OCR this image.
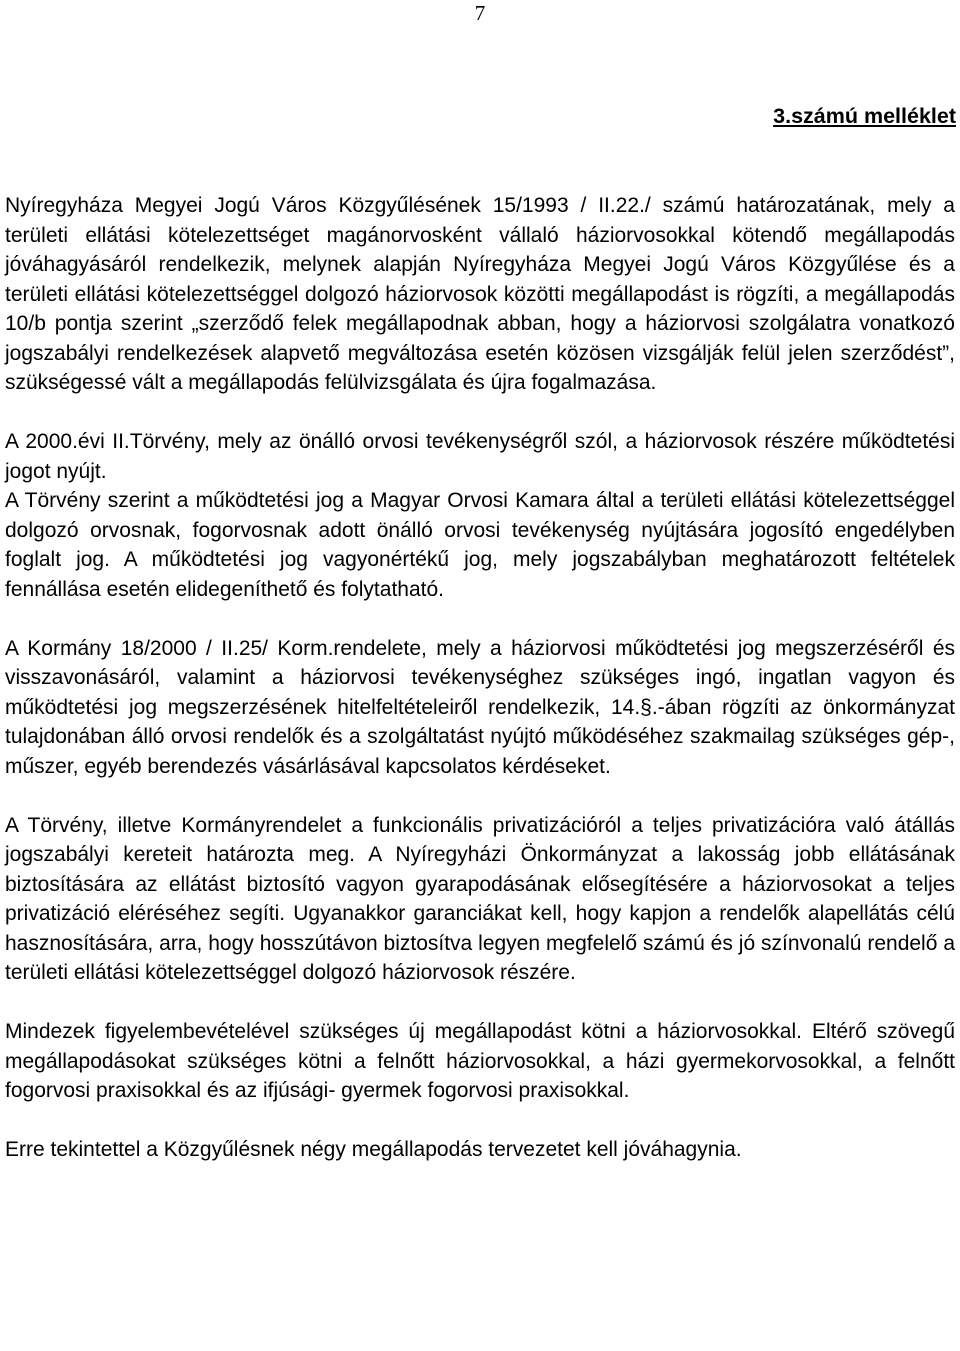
7
3.számú melléklet

Nyíregyháza Megyei Jogú Város Közgyűlésének 15/1993 / II.22./ számú határozatának, mely a területi ellátási kötelezettséget magánorvosként vállaló háziorvosokkal kötendő megállapodás jóváhagyásáról rendelkezik, melynek alapján Nyíregyháza Megyei Jogú Város Közgyűlése és a területi ellátási kötelezettséggel dolgozó háziorvosok közötti megállapodást is rögzíti, a megállapodás 10/b pontja szerint „szerződő felek megállapodnak abban, hogy a háziorvosi szolgálatra vonatkozó jogszabályi rendelkezések alapvető megváltozása esetén közösen vizsgálják felül jelen szerződést”, szükségessé vált a megállapodás felülvizsgálata és újra fogalmazása.

A 2000.évi II.Törvény, mely az önálló orvosi tevékenységről szól, a háziorvosok részére működtetési jogot nyújt.

A Törvény szerint a működtetési jog a Magyar Orvosi Kamara által a területi ellátási kötelezettséggel dolgozó orvosnak, fogorvosnak adott önálló orvosi tevékenység nyújtására jogosító engedélyben foglalt jog. A működtetési jog vagyonértékű jog, mely jogszabályban meghatározott feltételek fennállása esetén elidegeníthető és folytatható.

A Kormány 18/2000 / II.25/ Korm.rendelete, mely a háziorvosi működtetési jog megszerzéséről és visszavonásáról, valamint a háziorvosi tevékenységhez szükséges ingó, ingatlan vagyon és működtetési jog megszerzésének hitelfeltételeiről rendelkezik, 14.§.-ában rögzíti az önkormányzat tulajdonában álló orvosi rendelők és a szolgáltatást nyújtó működéséhez szakmailag szükséges gép-, műszer, egyéb berendezés vásárlásával kapcsolatos kérdéseket.

A Törvény, illetve Kormányrendelet a funkcionális privatizációról a teljes privatizációra való átállás jogszabályi kereteit határozta meg. A Nyíregyházi Önkormányzat a lakosság jobb ellátásának biztosítására az ellátást biztosító vagyon gyarapodásának elősegítésére a háziorvosokat a teljes privatizáció eléréséhez segíti. Ugyanakkor garanciákat kell, hogy kapjon a rendelők alapellátás célú hasznosítására, arra, hogy hosszútávon biztosítva legyen megfelelő számú és jó színvonalú rendelő a területi ellátási kötelezettséggel dolgozó háziorvosok részére.

Mindezek figyelembevételével szükséges új megállapodást kötni a háziorvosokkal. Eltérő szövegű megállapodásokat szükséges kötni a felnőtt háziorvosokkal, a házi gyermekorvosokkal, a felnőtt fogorvosi praxisokkal és az ifjúsági- gyermek fogorvosi praxisokkal.

Erre tekintettel a Közgyűlésnek négy megállapodás tervezetet kell jóváhagynia.
